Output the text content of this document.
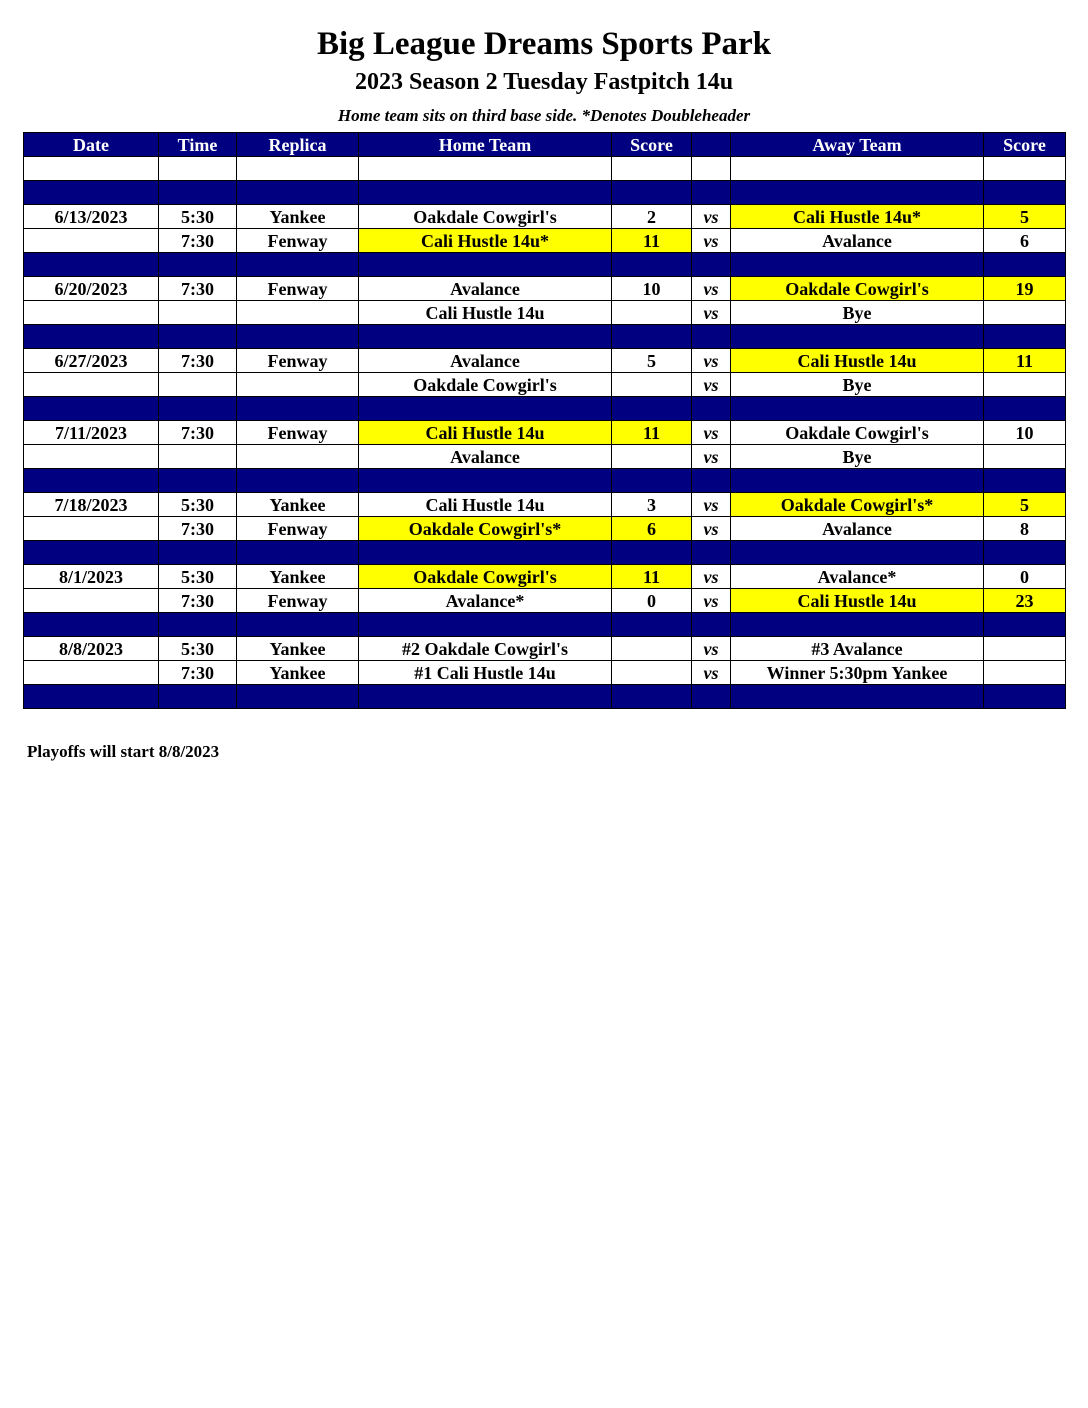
Big League Dreams Sports Park
2023 Season 2 Tuesday Fastpitch 14u
Home team sits on third base side. *Denotes Doubleheader
Date	Time	Replica	Home Team	Score		Away Team	Score

6/13/2023	5:30	Yankee	Oakdale Cowgirl's	2	vs	Cali Hustle 14u*	5
	7:30	Fenway	Cali Hustle 14u*	11	vs	Avalance	6

6/20/2023	7:30	Fenway	Avalance	10	vs	Oakdale Cowgirl's	19
			Cali Hustle 14u		vs	Bye	

6/27/2023	7:30	Fenway	Avalance	5	vs	Cali Hustle 14u	11
			Oakdale Cowgirl's		vs	Bye	

7/11/2023	7:30	Fenway	Cali Hustle 14u	11	vs	Oakdale Cowgirl's	10
			Avalance		vs	Bye	

7/18/2023	5:30	Yankee	Cali Hustle 14u	3	vs	Oakdale Cowgirl's*	5
	7:30	Fenway	Oakdale Cowgirl's*	6	vs	Avalance	8

8/1/2023	5:30	Yankee	Oakdale Cowgirl's	11	vs	Avalance*	0
	7:30	Fenway	Avalance*	0	vs	Cali Hustle 14u	23

8/8/2023	5:30	Yankee	#2 Oakdale Cowgirl's		vs	#3 Avalance	
	7:30	Yankee	#1 Cali Hustle 14u		vs	Winner 5:30pm Yankee	

Playoffs will start 8/8/2023
